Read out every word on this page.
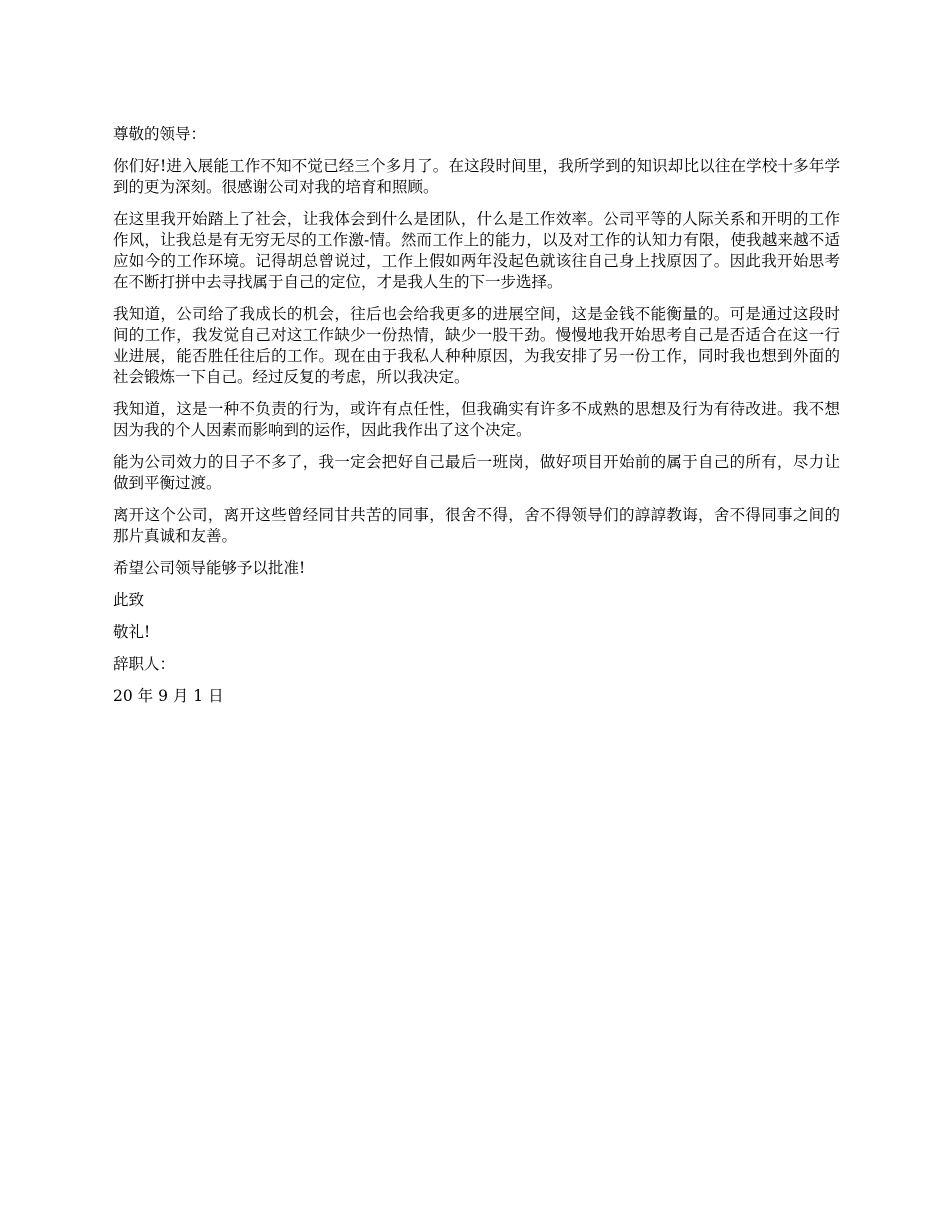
尊敬的领导：

你们好!进入展能工作不知不觉已经三个多月了。在这段时间里，我所学到的知识却比以往在学校十多年学到的更为深刻。很感谢公司对我的培育和照顾。

在这里我开始踏上了社会，让我体会到什么是团队，什么是工作效率。公司平等的人际关系和开明的工作作风，让我总是有无穷无尽的工作激-情。然而工作上的能力，以及对工作的认知力有限，使我越来越不适应如今的工作环境。记得胡总曾说过，工作上假如两年没起色就该往自己身上找原因了。因此我开始思考在不断打拼中去寻找属于自己的定位，才是我人生的下一步选择。

我知道，公司给了我成长的机会，往后也会给我更多的进展空间，这是金钱不能衡量的。可是通过这段时间的工作，我发觉自己对这工作缺少一份热情，缺少一股干劲。慢慢地我开始思考自己是否适合在这一行业进展，能否胜任往后的工作。现在由于我私人种种原因，为我安排了另一份工作，同时我也想到外面的社会锻炼一下自己。经过反复的考虑，所以我决定。

我知道，这是一种不负责的行为，或许有点任性，但我确实有许多不成熟的思想及行为有待改进。我不想因为我的个人因素而影响到的运作，因此我作出了这个决定。

能为公司效力的日子不多了，我一定会把好自己最后一班岗，做好项目开始前的属于自己的所有，尽力让做到平衡过渡。

离开这个公司，离开这些曾经同甘共苦的同事，很舍不得，舍不得领导们的諄諄教诲，舍不得同事之间的那片真诚和友善。

希望公司领导能够予以批准!

此致

敬礼!

辞职人：

20 年 9 月 1 日
